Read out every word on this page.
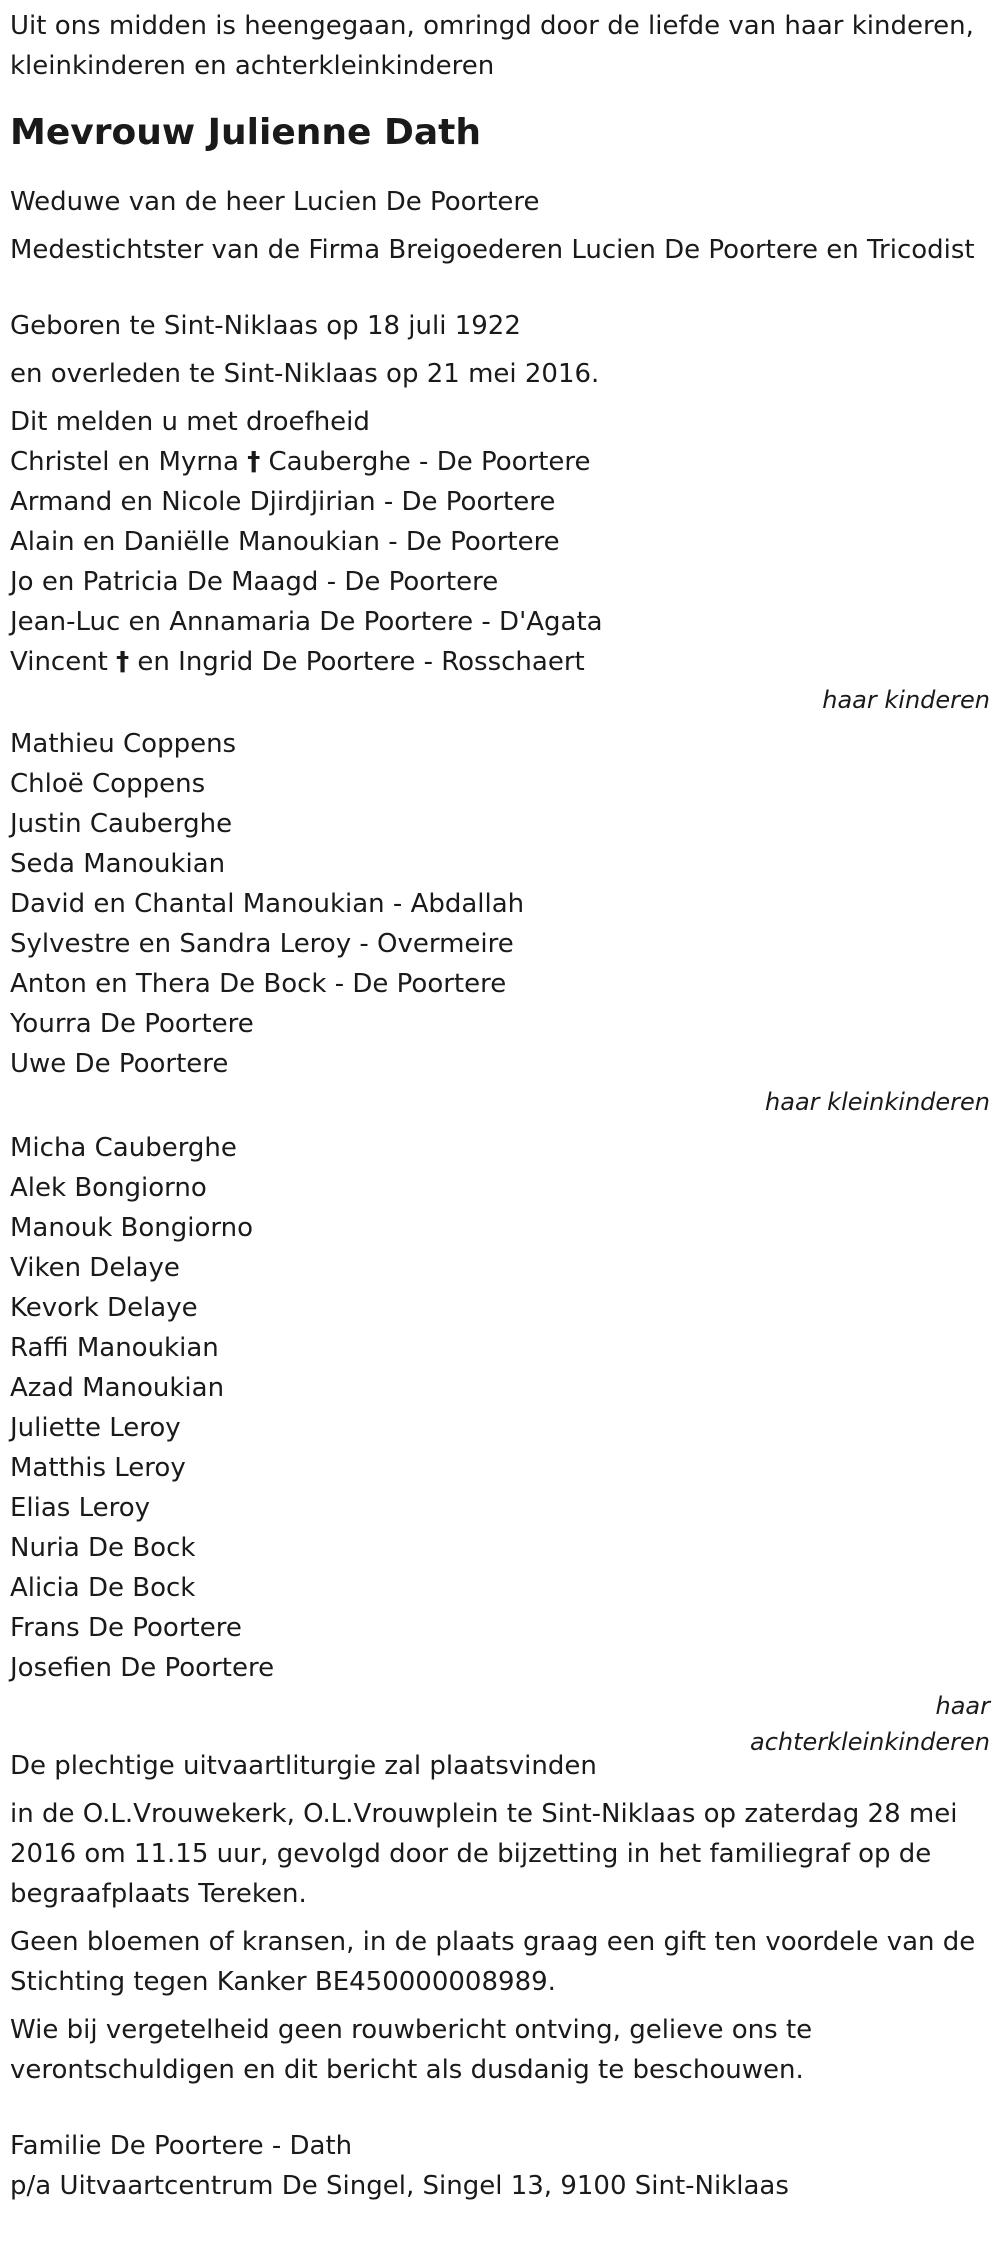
Uit ons midden is heengegaan, omringd door de liefde van haar kinderen, kleinkinderen en achterkleinkinderen

Mevrouw Julienne Dath

Weduwe van de heer Lucien De Poortere

Medestichtster van de Firma Breigoederen Lucien De Poortere en Tricodist

Geboren te Sint-Niklaas op 18 juli 1922

en overleden te Sint-Niklaas op 21 mei 2016.

Dit melden u met droefheid

Christel en Myrna † Cauberghe - De Poortere

Armand en Nicole Djirdjirian - De Poortere

Alain en Daniëlle Manoukian - De Poortere

Jo en Patricia De Maagd - De Poortere

Jean-Luc en Annamaria De Poortere - D'Agata

Vincent † en Ingrid De Poortere - Rosschaert

haar kinderen

Mathieu Coppens

Chloë Coppens

Justin Cauberghe

Seda Manoukian

David en Chantal Manoukian - Abdallah

Sylvestre en Sandra Leroy - Overmeire

Anton en Thera De Bock - De Poortere

Yourra De Poortere

Uwe De Poortere

haar kleinkinderen

Micha Cauberghe

Alek Bongiorno

Manouk Bongiorno

Viken Delaye

Kevork Delaye

Raffi Manoukian

Azad Manoukian

Juliette Leroy

Matthis Leroy

Elias Leroy

Nuria De Bock

Alicia De Bock

Frans De Poortere

Josefien De Poortere

haar achterkleinkinderen

De plechtige uitvaartliturgie zal plaatsvinden

in de O.L.Vrouwekerk, O.L.Vrouwplein te Sint-Niklaas op zaterdag 28 mei 2016 om 11.15 uur, gevolgd door de bijzetting in het familiegraf op de begraafplaats Tereken.

Geen bloemen of kransen, in de plaats graag een gift ten voordele van de Stichting tegen Kanker BE450000008989.

Wie bij vergetelheid geen rouwbericht ontving, gelieve ons te verontschuldigen en dit bericht als dusdanig te beschouwen.

Familie De Poortere - Dath

p/a Uitvaartcentrum De Singel, Singel 13, 9100 Sint-Niklaas
